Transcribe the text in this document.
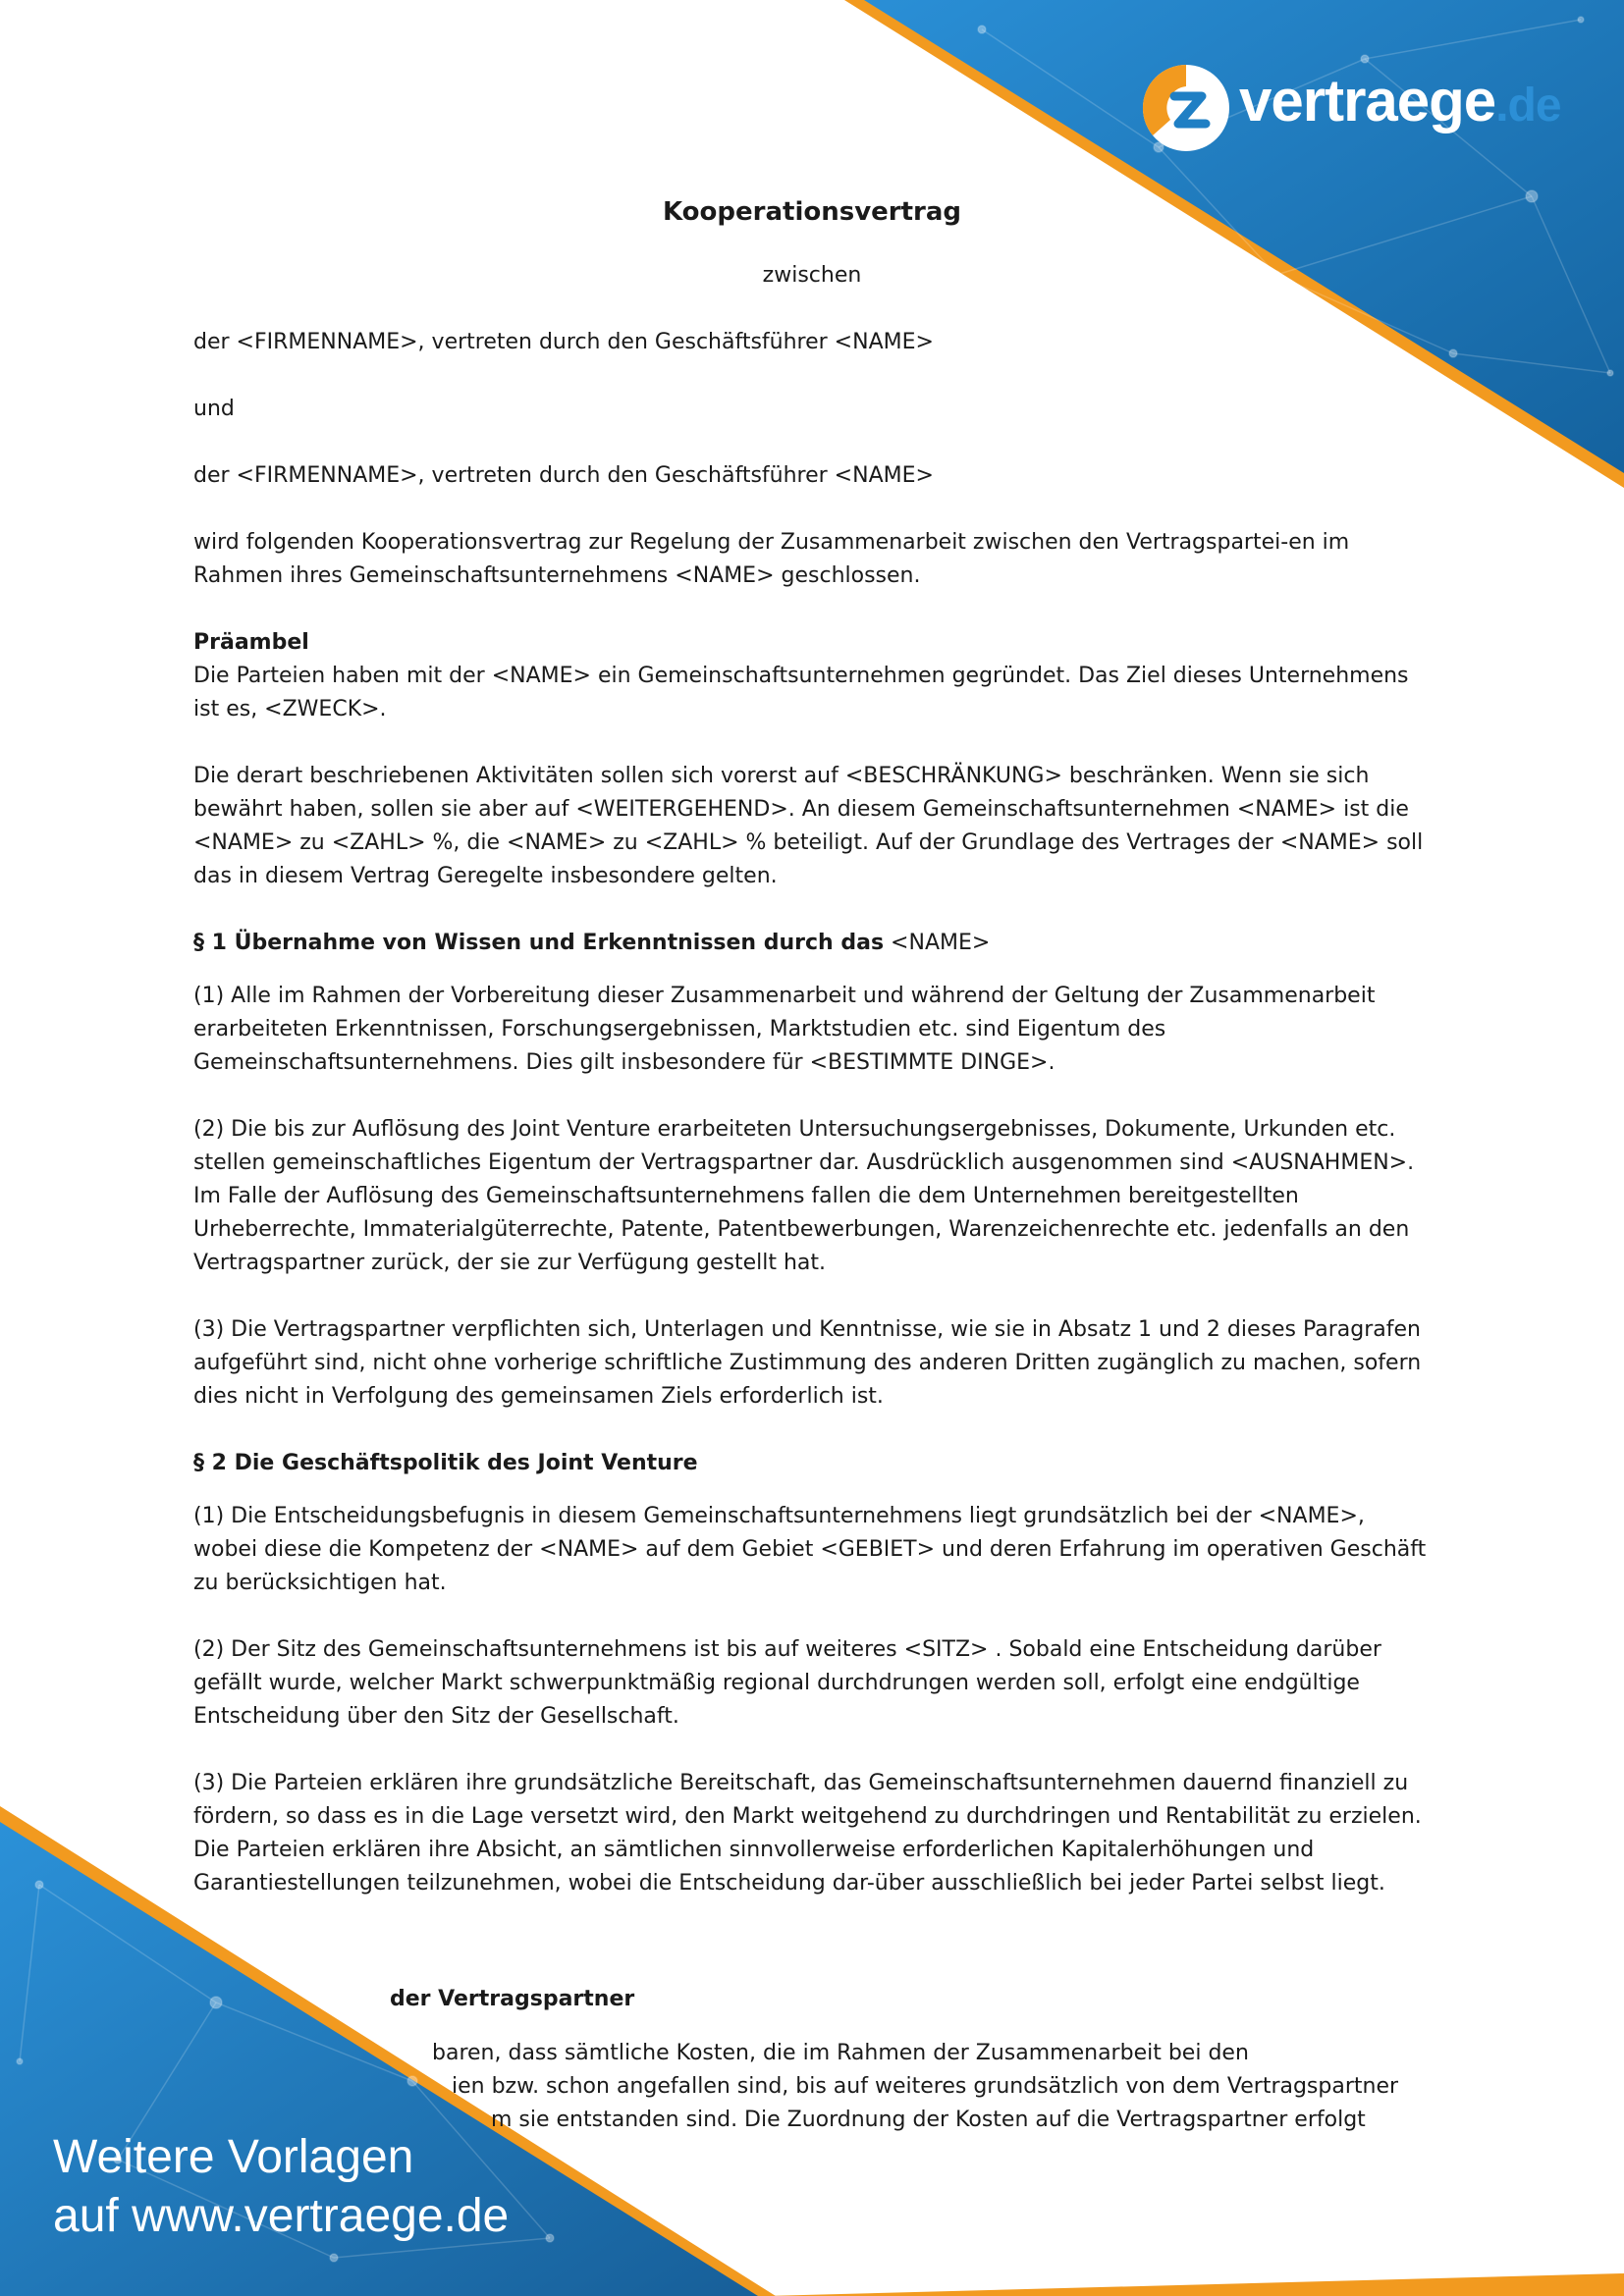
vertraege.de

Kooperationsvertrag

zwischen

der <FIRMENNAME>, vertreten durch den Geschäftsführer <NAME>

und

der <FIRMENNAME>, vertreten durch den Geschäftsführer <NAME>

wird folgenden Kooperationsvertrag zur Regelung der Zusammenarbeit zwischen den Vertragspartei-en im Rahmen ihres Gemeinschaftsunternehmens <NAME> geschlossen.

Präambel

Die Parteien haben mit der <NAME> ein Gemeinschaftsunternehmen gegründet. Das Ziel dieses Unternehmens ist es, <ZWECK>.

Die derart beschriebenen Aktivitäten sollen sich vorerst auf <BESCHRÄNKUNG> beschränken. Wenn sie sich bewährt haben, sollen sie aber auf <WEITERGEHEND>. An diesem Gemeinschaftsunternehmen <NAME> ist die <NAME> zu <ZAHL> %, die <NAME> zu <ZAHL> % beteiligt. Auf der Grundlage des Vertrages der <NAME> soll das in diesem Vertrag Geregelte insbesondere gelten.

§ 1 Übernahme von Wissen und Erkenntnissen durch das <NAME>

(1) Alle im Rahmen der Vorbereitung dieser Zusammenarbeit und während der Geltung der Zusammenarbeit erarbeiteten Erkenntnissen, Forschungsergebnissen, Marktstudien etc. sind Eigentum des Gemeinschaftsunternehmens. Dies gilt insbesondere für <BESTIMMTE DINGE>.

(2) Die bis zur Auflösung des Joint Venture erarbeiteten Untersuchungsergebnisses, Dokumente, Urkunden etc. stellen gemeinschaftliches Eigentum der Vertragspartner dar. Ausdrücklich ausgenommen sind <AUSNAHMEN>. Im Falle der Auflösung des Gemeinschaftsunternehmens fallen die dem Unternehmen bereitgestellten Urheberrechte, Immaterialgüterrechte, Patente, Patentbewerbungen, Warenzeichenrechte etc. jedenfalls an den Vertragspartner zurück, der sie zur Verfügung gestellt hat.

(3) Die Vertragspartner verpflichten sich, Unterlagen und Kenntnisse, wie sie in Absatz 1 und 2 dieses Paragrafen aufgeführt sind, nicht ohne vorherige schriftliche Zustimmung des anderen Dritten zugänglich zu machen, sofern dies nicht in Verfolgung des gemeinsamen Ziels erforderlich ist.

§ 2 Die Geschäftspolitik des Joint Venture

(1) Die Entscheidungsbefugnis in diesem Gemeinschaftsunternehmens liegt grundsätzlich bei der <NAME>, wobei diese die Kompetenz der <NAME> auf dem Gebiet <GEBIET> und deren Erfahrung im operativen Geschäft zu berücksichtigen hat.

(2) Der Sitz des Gemeinschaftsunternehmens ist bis auf weiteres <SITZ> . Sobald eine Entscheidung darüber gefällt wurde, welcher Markt schwerpunktmäßig regional durchdrungen werden soll, erfolgt eine endgültige Entscheidung über den Sitz der Gesellschaft.

(3) Die Parteien erklären ihre grundsätzliche Bereitschaft, das Gemeinschaftsunternehmen dauernd finanziell zu fördern, so dass es in die Lage versetzt wird, den Markt weitgehend zu durchdringen und Rentabilität zu erzielen. Die Parteien erklären ihre Absicht, an sämtlichen sinnvollerweise erforderlichen Kapitalerhöhungen und Garantiestellungen teilzunehmen, wobei die Entscheidung dar-über ausschließlich bei jeder Partei selbst liegt.

der Vertragspartner
baren, dass sämtliche Kosten, die im Rahmen der Zusammenarbeit bei den
ien bzw. schon angefallen sind, bis auf weiteres grundsätzlich von dem Vertragspartner
m sie entstanden sind. Die Zuordnung der Kosten auf die Vertragspartner erfolgt
Weitere Vorlagen
auf www.vertraege.de
